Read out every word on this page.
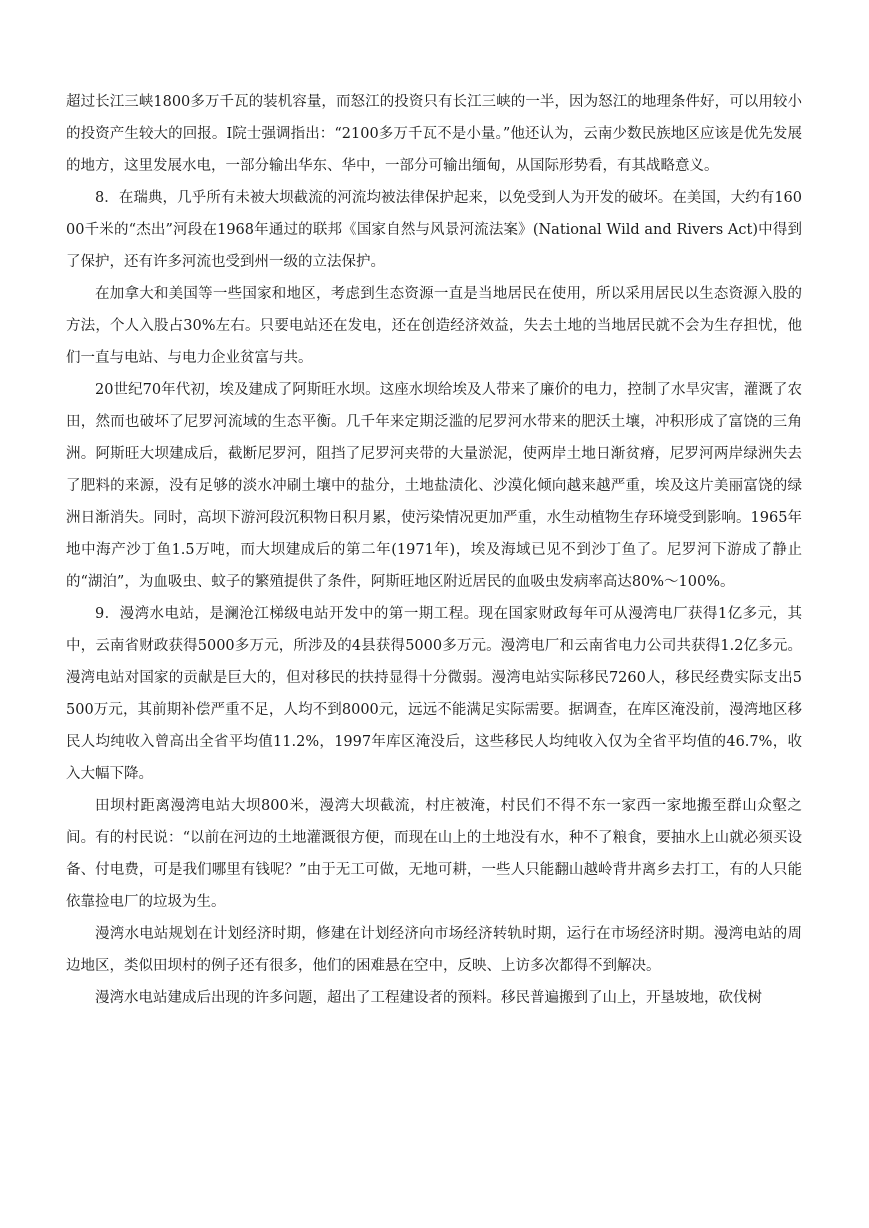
超过长江三峡1800多万千瓦的装机容量，而怒江的投资只有长江三峡的一半，因为怒江的地理条件好，可以用较小的投资产生较大的回报。I院士强调指出：“2100多万千瓦不是小量。”他还认为，云南少数民族地区应该是优先发展的地方，这里发展水电，一部分输出华东、华中，一部分可输出缅甸，从国际形势看，有其战略意义。

8．在瑞典，几乎所有未被大坝截流的河流均被法律保护起来，以免受到人为开发的破坏。在美国，大约有16000千米的“杰出”河段在1968年通过的联邦《国家自然与风景河流法案》(National Wild and Rivers Act)中得到了保护，还有许多河流也受到州一级的立法保护。

在加拿大和美国等一些国家和地区，考虑到生态资源一直是当地居民在使用，所以采用居民以生态资源入股的方法，个人入股占30%左右。只要电站还在发电，还在创造经济效益，失去土地的当地居民就不会为生存担忧，他们一直与电站、与电力企业贫富与共。

20世纪70年代初，埃及建成了阿斯旺水坝。这座水坝给埃及人带来了廉价的电力，控制了水旱灾害，灌溉了农田，然而也破坏了尼罗河流域的生态平衡。几千年来定期泛滥的尼罗河水带来的肥沃土壤，冲积形成了富饶的三角洲。阿斯旺大坝建成后，截断尼罗河，阻挡了尼罗河夹带的大量淤泥，使两岸土地日渐贫瘠，尼罗河两岸绿洲失去了肥料的来源，没有足够的淡水冲刷土壤中的盐分，土地盐渍化、沙漠化倾向越来越严重，埃及这片美丽富饶的绿洲日渐消失。同时，高坝下游河段沉积物日积月累，使污染情况更加严重，水生动植物生存环境受到影响。1965年地中海产沙丁鱼1.5万吨，而大坝建成后的第二年(1971年)，埃及海域已见不到沙丁鱼了。尼罗河下游成了静止的“湖泊”，为血吸虫、蚊子的繁殖提供了条件，阿斯旺地区附近居民的血吸虫发病率高达80%～100%。

9．漫湾水电站，是澜沧江梯级电站开发中的第一期工程。现在国家财政每年可从漫湾电厂获得1亿多元，其中，云南省财政获得5000多万元，所涉及的4县获得5000多万元。漫湾电厂和云南省电力公司共获得1.2亿多元。漫湾电站对国家的贡献是巨大的，但对移民的扶持显得十分微弱。漫湾电站实际移民7260人，移民经费实际支出5500万元，其前期补偿严重不足，人均不到8000元，远远不能满足实际需要。据调查，在库区淹没前，漫湾地区移民人均纯收入曾高出全省平均值11.2%，1997年库区淹没后，这些移民人均纯收入仅为全省平均值的46.7%，收入大幅下降。

田坝村距离漫湾电站大坝800米，漫湾大坝截流，村庄被淹，村民们不得不东一家西一家地搬至群山众壑之间。有的村民说：“以前在河边的土地灌溉很方便，而现在山上的土地没有水，种不了粮食，要抽水上山就必须买设备、付电费，可是我们哪里有钱呢？”由于无工可做，无地可耕，一些人只能翻山越岭背井离乡去打工，有的人只能依靠捡电厂的垃圾为生。

漫湾水电站规划在计划经济时期，修建在计划经济向市场经济转轨时期，运行在市场经济时期。漫湾电站的周边地区，类似田坝村的例子还有很多，他们的困难悬在空中，反映、上访多次都得不到解决。

漫湾水电站建成后出现的许多问题，超出了工程建设者的预料。移民普遍搬到了山上，开垦坡地，砍伐树
